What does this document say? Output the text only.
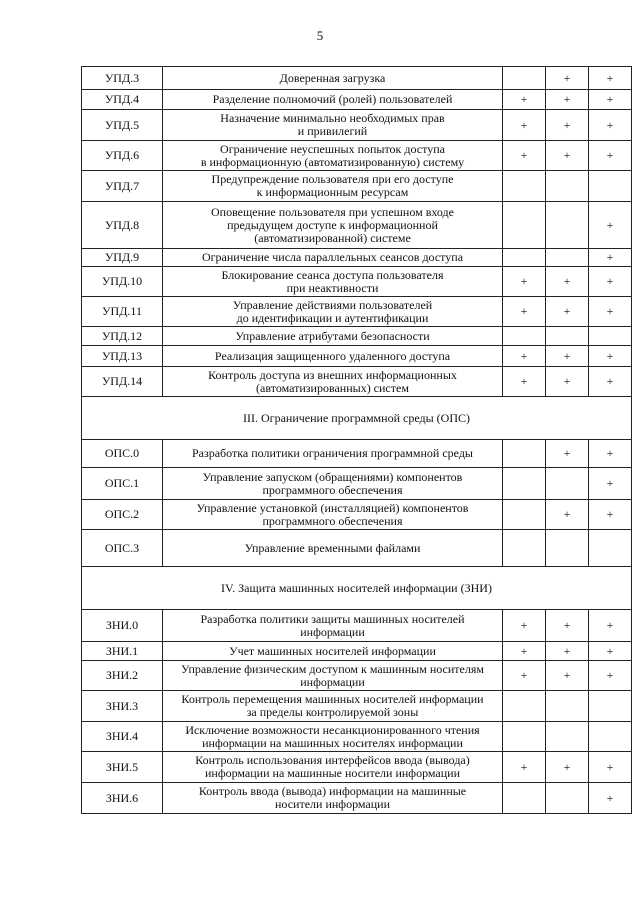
5
УПД.3	Доверенная загрузка		+	+
УПД.4	Разделение полномочий (ролей) пользователей	+	+	+
УПД.5	Назначение минимально необходимых прав
и привилегий	+	+	+
УПД.6	Ограничение неуспешных попыток доступа
в информационную (автоматизированную) систему	+	+	+
УПД.7	Предупреждение пользователя при его доступе
к информационным ресурсам			
УПД.8	Оповещение пользователя при успешном входе
предыдущем доступе к информационной
(автоматизированной) системе			+
УПД.9	Ограничение числа параллельных сеансов доступа			+
УПД.10	Блокирование сеанса доступа пользователя
при неактивности	+	+	+
УПД.11	Управление действиями пользователей
до идентификации и аутентификации	+	+	+
УПД.12	Управление атрибутами безопасности			
УПД.13	Реализация защищенного удаленного доступа	+	+	+
УПД.14	Контроль доступа из внешних информационных
(автоматизированных) систем	+	+	+
III. Ограничение программной среды (ОПС)				
ОПС.0	Разработка политики ограничения программной среды		+	+
ОПС.1	Управление запуском (обращениями) компонентов
программного обеспечения			+
ОПС.2	Управление установкой (инсталляцией) компонентов
программного обеспечения		+	+
ОПС.3	Управление временными файлами			
IV. Защита машинных носителей информации (ЗНИ)				
ЗНИ.0	Разработка политики защиты машинных носителей
информации	+	+	+
ЗНИ.1	Учет машинных носителей информации	+	+	+
ЗНИ.2	Управление физическим доступом к машинным носителям
информации	+	+	+
ЗНИ.3	Контроль перемещения машинных носителей информации
за пределы контролируемой зоны			
ЗНИ.4	Исключение возможности несанкционированного чтения
информации на машинных носителях информации			
ЗНИ.5	Контроль использования интерфейсов ввода (вывода)
информации на машинные носители информации	+	+	+
ЗНИ.6	Контроль ввода (вывода) информации на машинные
носители информации			+
